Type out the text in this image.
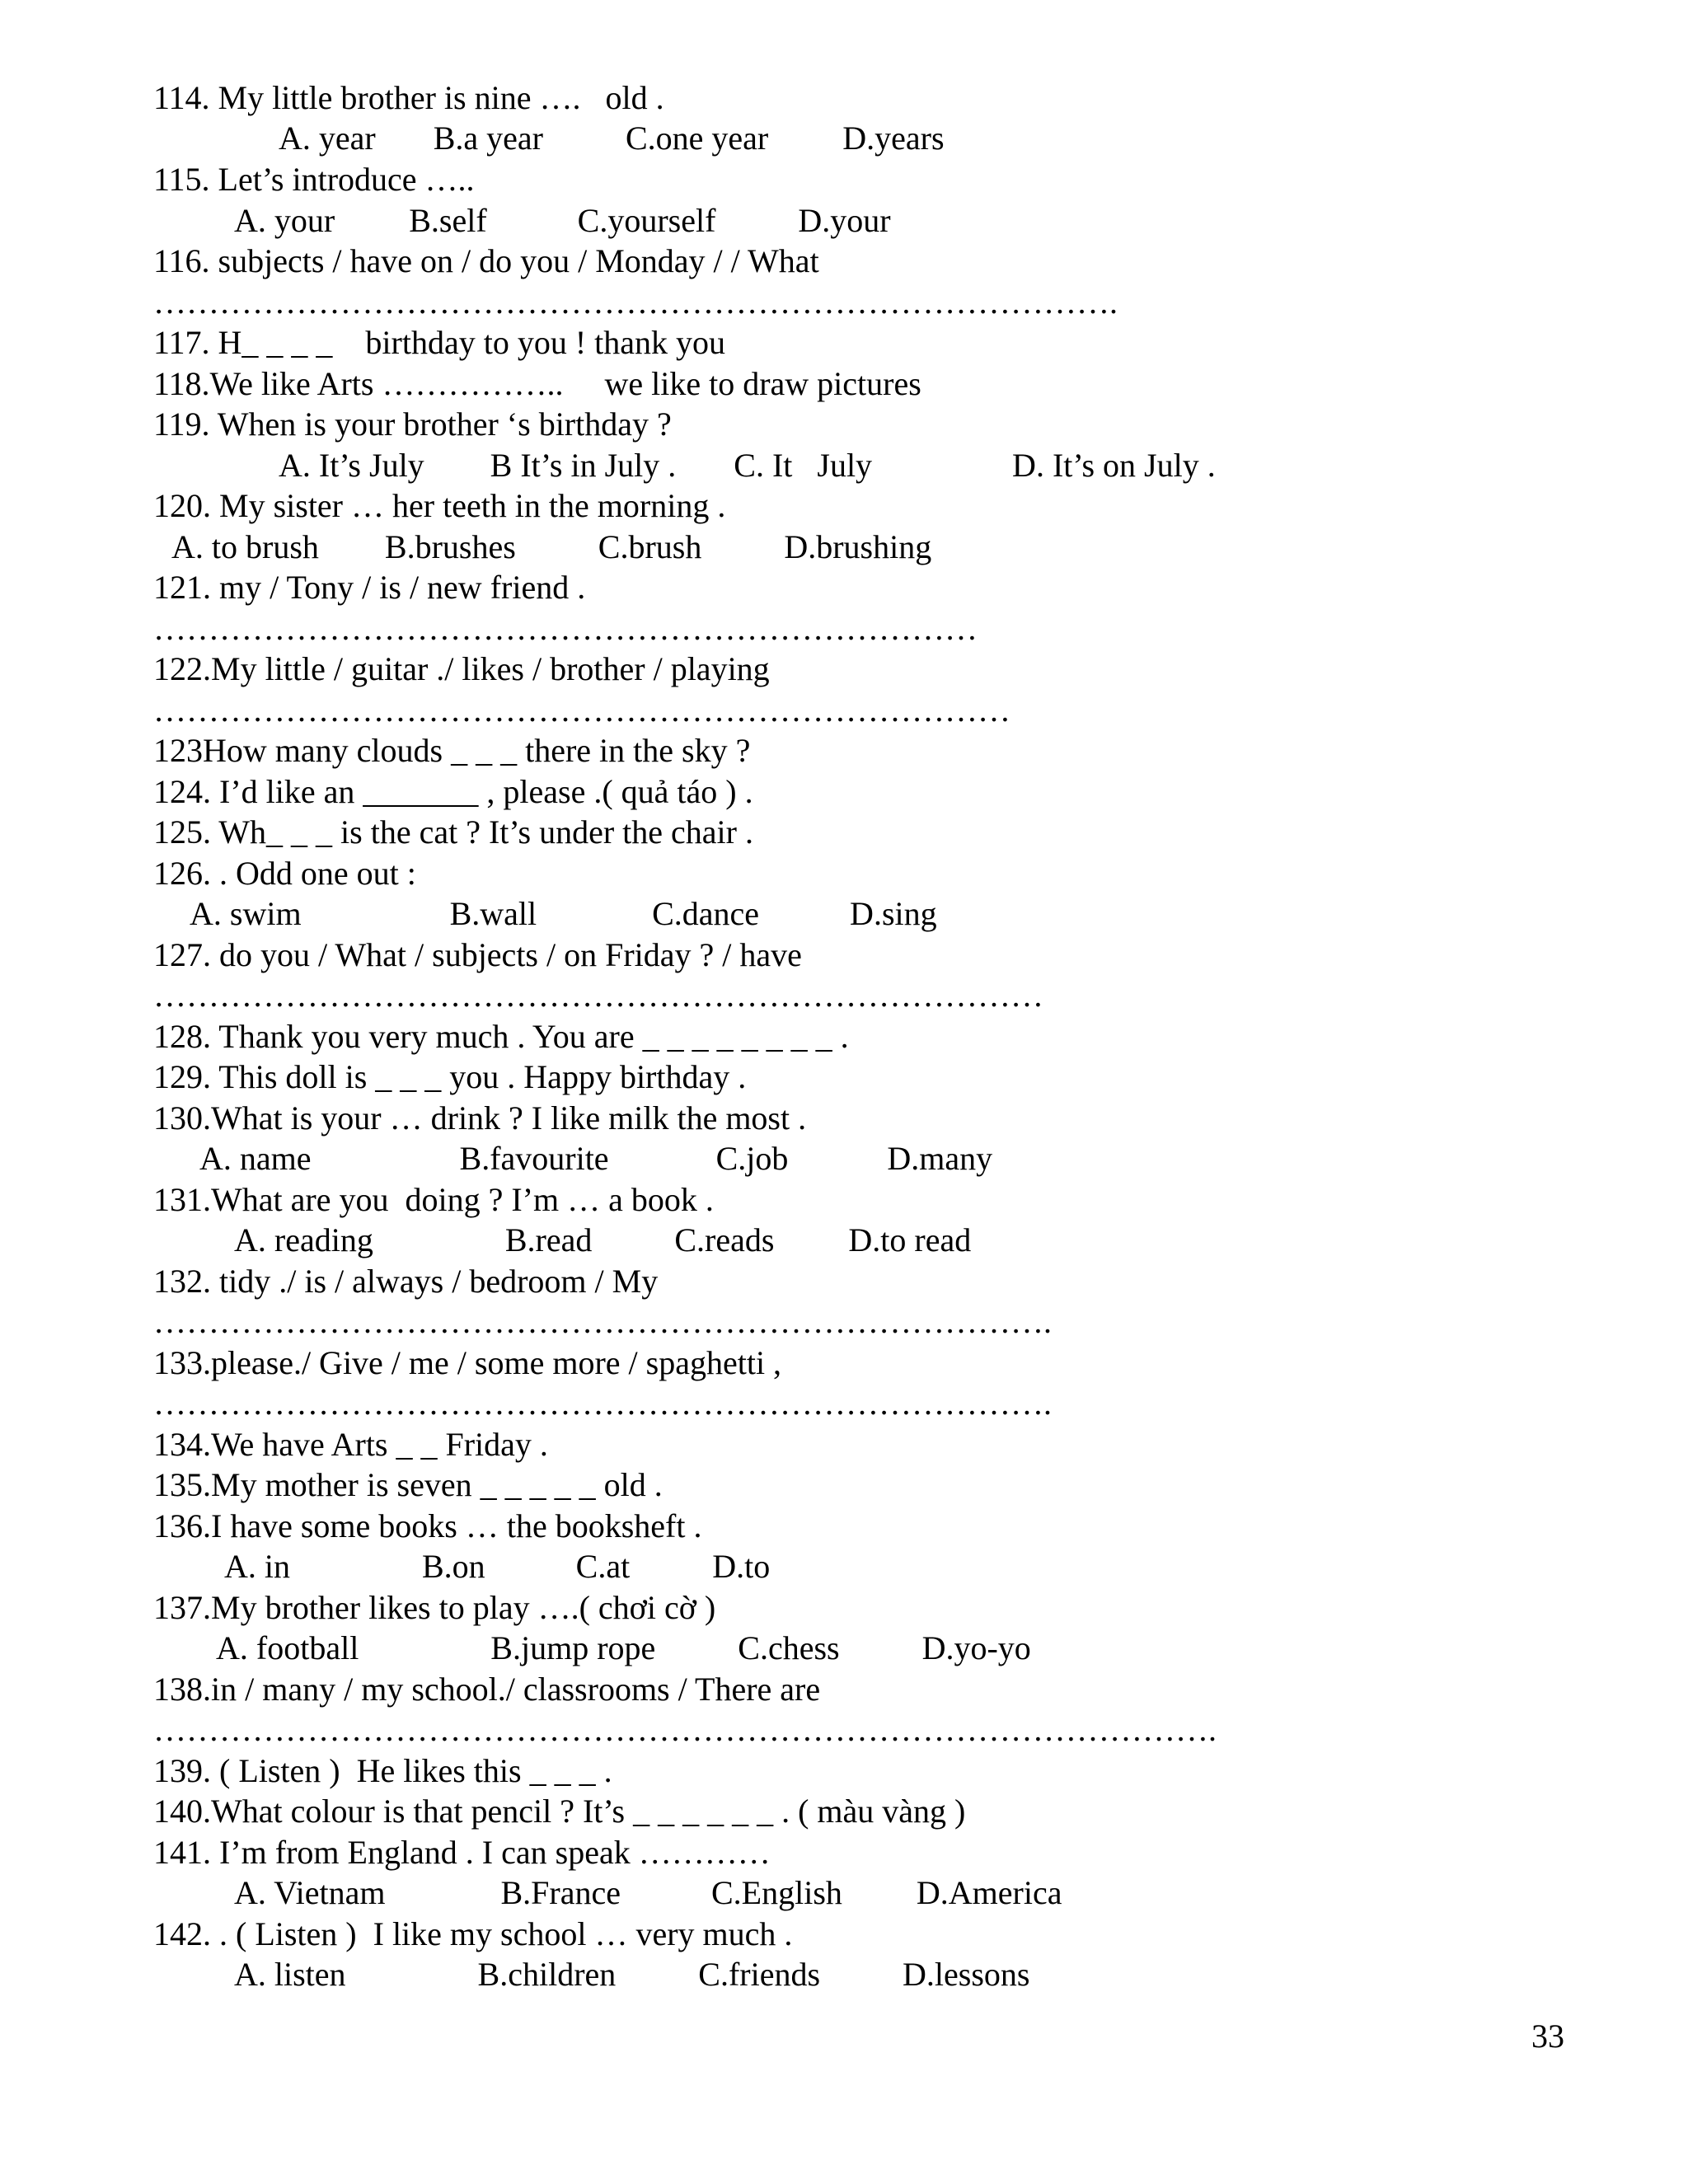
114. My little brother is nine ….   old .

A. year       B.a year          C.one year         D.years

115. Let’s introduce …..

A. your         B.self           C.yourself          D.your

116. subjects / have on / do you / Monday / / What

…………………………………………………………………………….

117. H_ _ _ _    birthday to you ! thank you

118.We like Arts ……………..     we like to draw pictures

119. When is your brother ‘s birthday ?

A. It’s July        B It’s in July .       C. It   July                 D. It’s on July .

120. My sister … her teeth in the morning .

A. to brush        B.brushes          C.brush          D.brushing

121. my / Tony / is / new friend .

…………………………………………………………………

122.My little / guitar ./ likes / brother / playing

……………………………………………………………………

123How many clouds _ _ _ there in the sky ?

124. I’d like an _______ , please .( quả táo ) .

125. Wh_ _ _ is the cat ? It’s under the chair .

126. . Odd one out :

A. swim                  B.wall              C.dance           D.sing

127. do you / What / subjects / on Friday ? / have

………………………………………………………………………

128. Thank you very much . You are _ _ _ _ _ _ _ _ .

129. This doll is _ _ _ you . Happy birthday .

130.What is your … drink ? I like milk the most .

A. name                  B.favourite             C.job            D.many

131.What are you  doing ? I’m … a book .

A. reading                B.read          C.reads         D.to read

132. tidy ./ is / always / bedroom / My

……………………………………………………………………….

133.please./ Give / me / some more / spaghetti ,

……………………………………………………………………….

134.We have Arts _ _ Friday .

135.My mother is seven _ _ _ _ _ old .

136.I have some books … the booksheft .

A. in                B.on           C.at          D.to

137.My brother likes to play ….( chơi cờ )

A. football                B.jump rope          C.chess          D.yo-yo

138.in / many / my school./ classrooms / There are

…………………………………………………………………………………….

139. ( Listen )  He likes this _ _ _ .

140.What colour is that pencil ? It’s _ _ _ _ _ _ . ( màu vàng )

141. I’m from England . I can speak …………

A. Vietnam              B.France           C.English         D.America

142. . ( Listen )  I like my school … very much .

A. listen                B.children          C.friends          D.lessons

33
